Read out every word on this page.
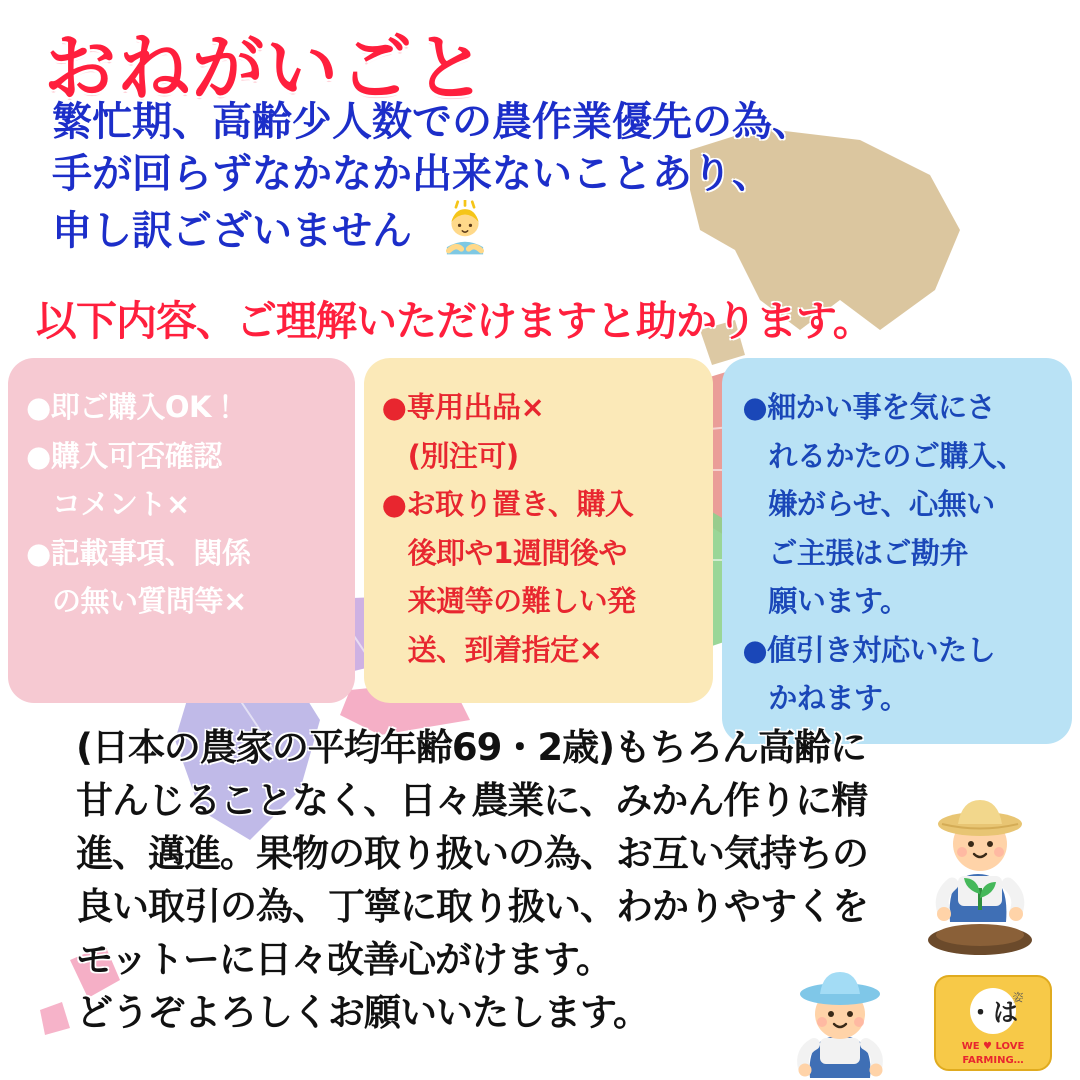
おねがいごと
繁忙期、高齢少人数での農作業優先の為、
手が回らずなかなか出来ないことあり、
申し訳ございません
以下内容、ご理解いただけますと助かります。

●即ご購入OK！

●購入可否確認

コメント×

●記載事項、関係

の無い質問等×

●専用出品×

(別注可)

●お取り置き、購入

後即や1週間後や

来週等の難しい発

送、到着指定×

●細かい事を気にさ

れるかたのご購入、

嫌がらせ、心無い

ご主張はご勘弁

願います。

●値引き対応いたし

かねます。

(日本の農家の平均年齢69・2歳)もちろん高齢に
甘んじることなく、日々農業に、みかん作りに精
進、邁進。果物の取り扱いの為、お互い気持ちの
良い取引の為、丁寧に取り扱い、わかりやすくを
モットーに日々改善心がけます。
どうぞよろしくお願いいたします。	・は
姿
WE ♥ LOVE
FARMING…
